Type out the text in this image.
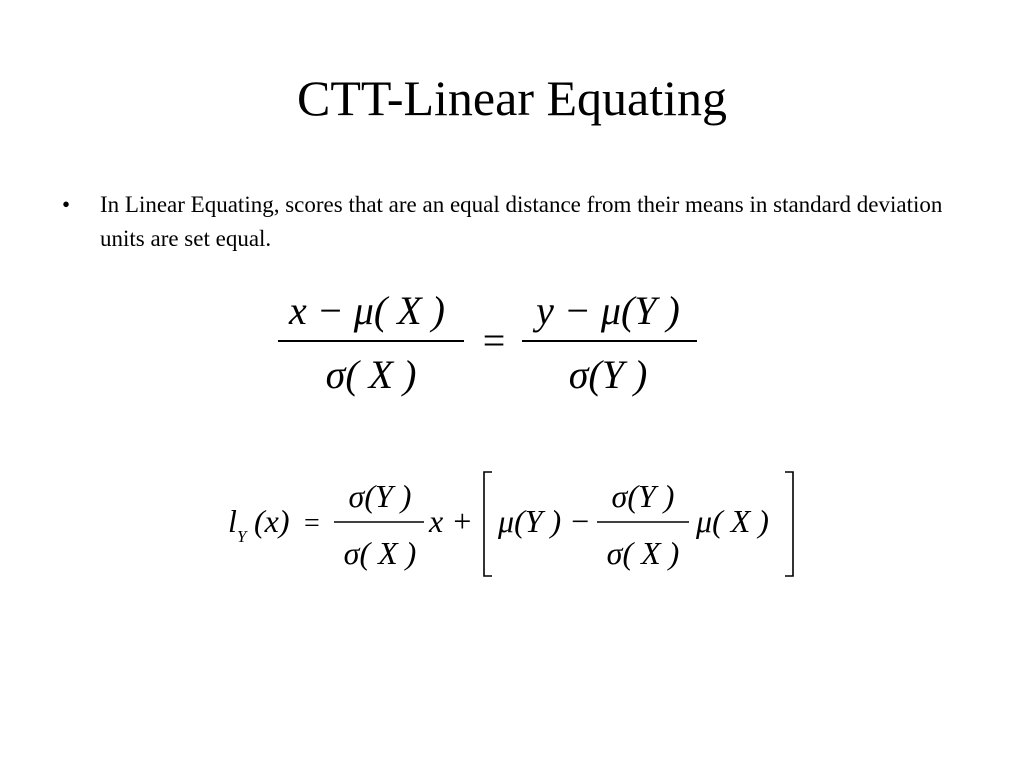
CTT-Linear Equating
•	In Linear Equating, scores that are an equal distance from their means in standard deviation units are set equal.
x − μ( X )
σ( X )
=
y − μ(Y )
σ(Y )
l Y (x) =
σ(Y )
σ( X )
x + μ(Y ) −
σ(Y )
σ( X )
μ( X )
